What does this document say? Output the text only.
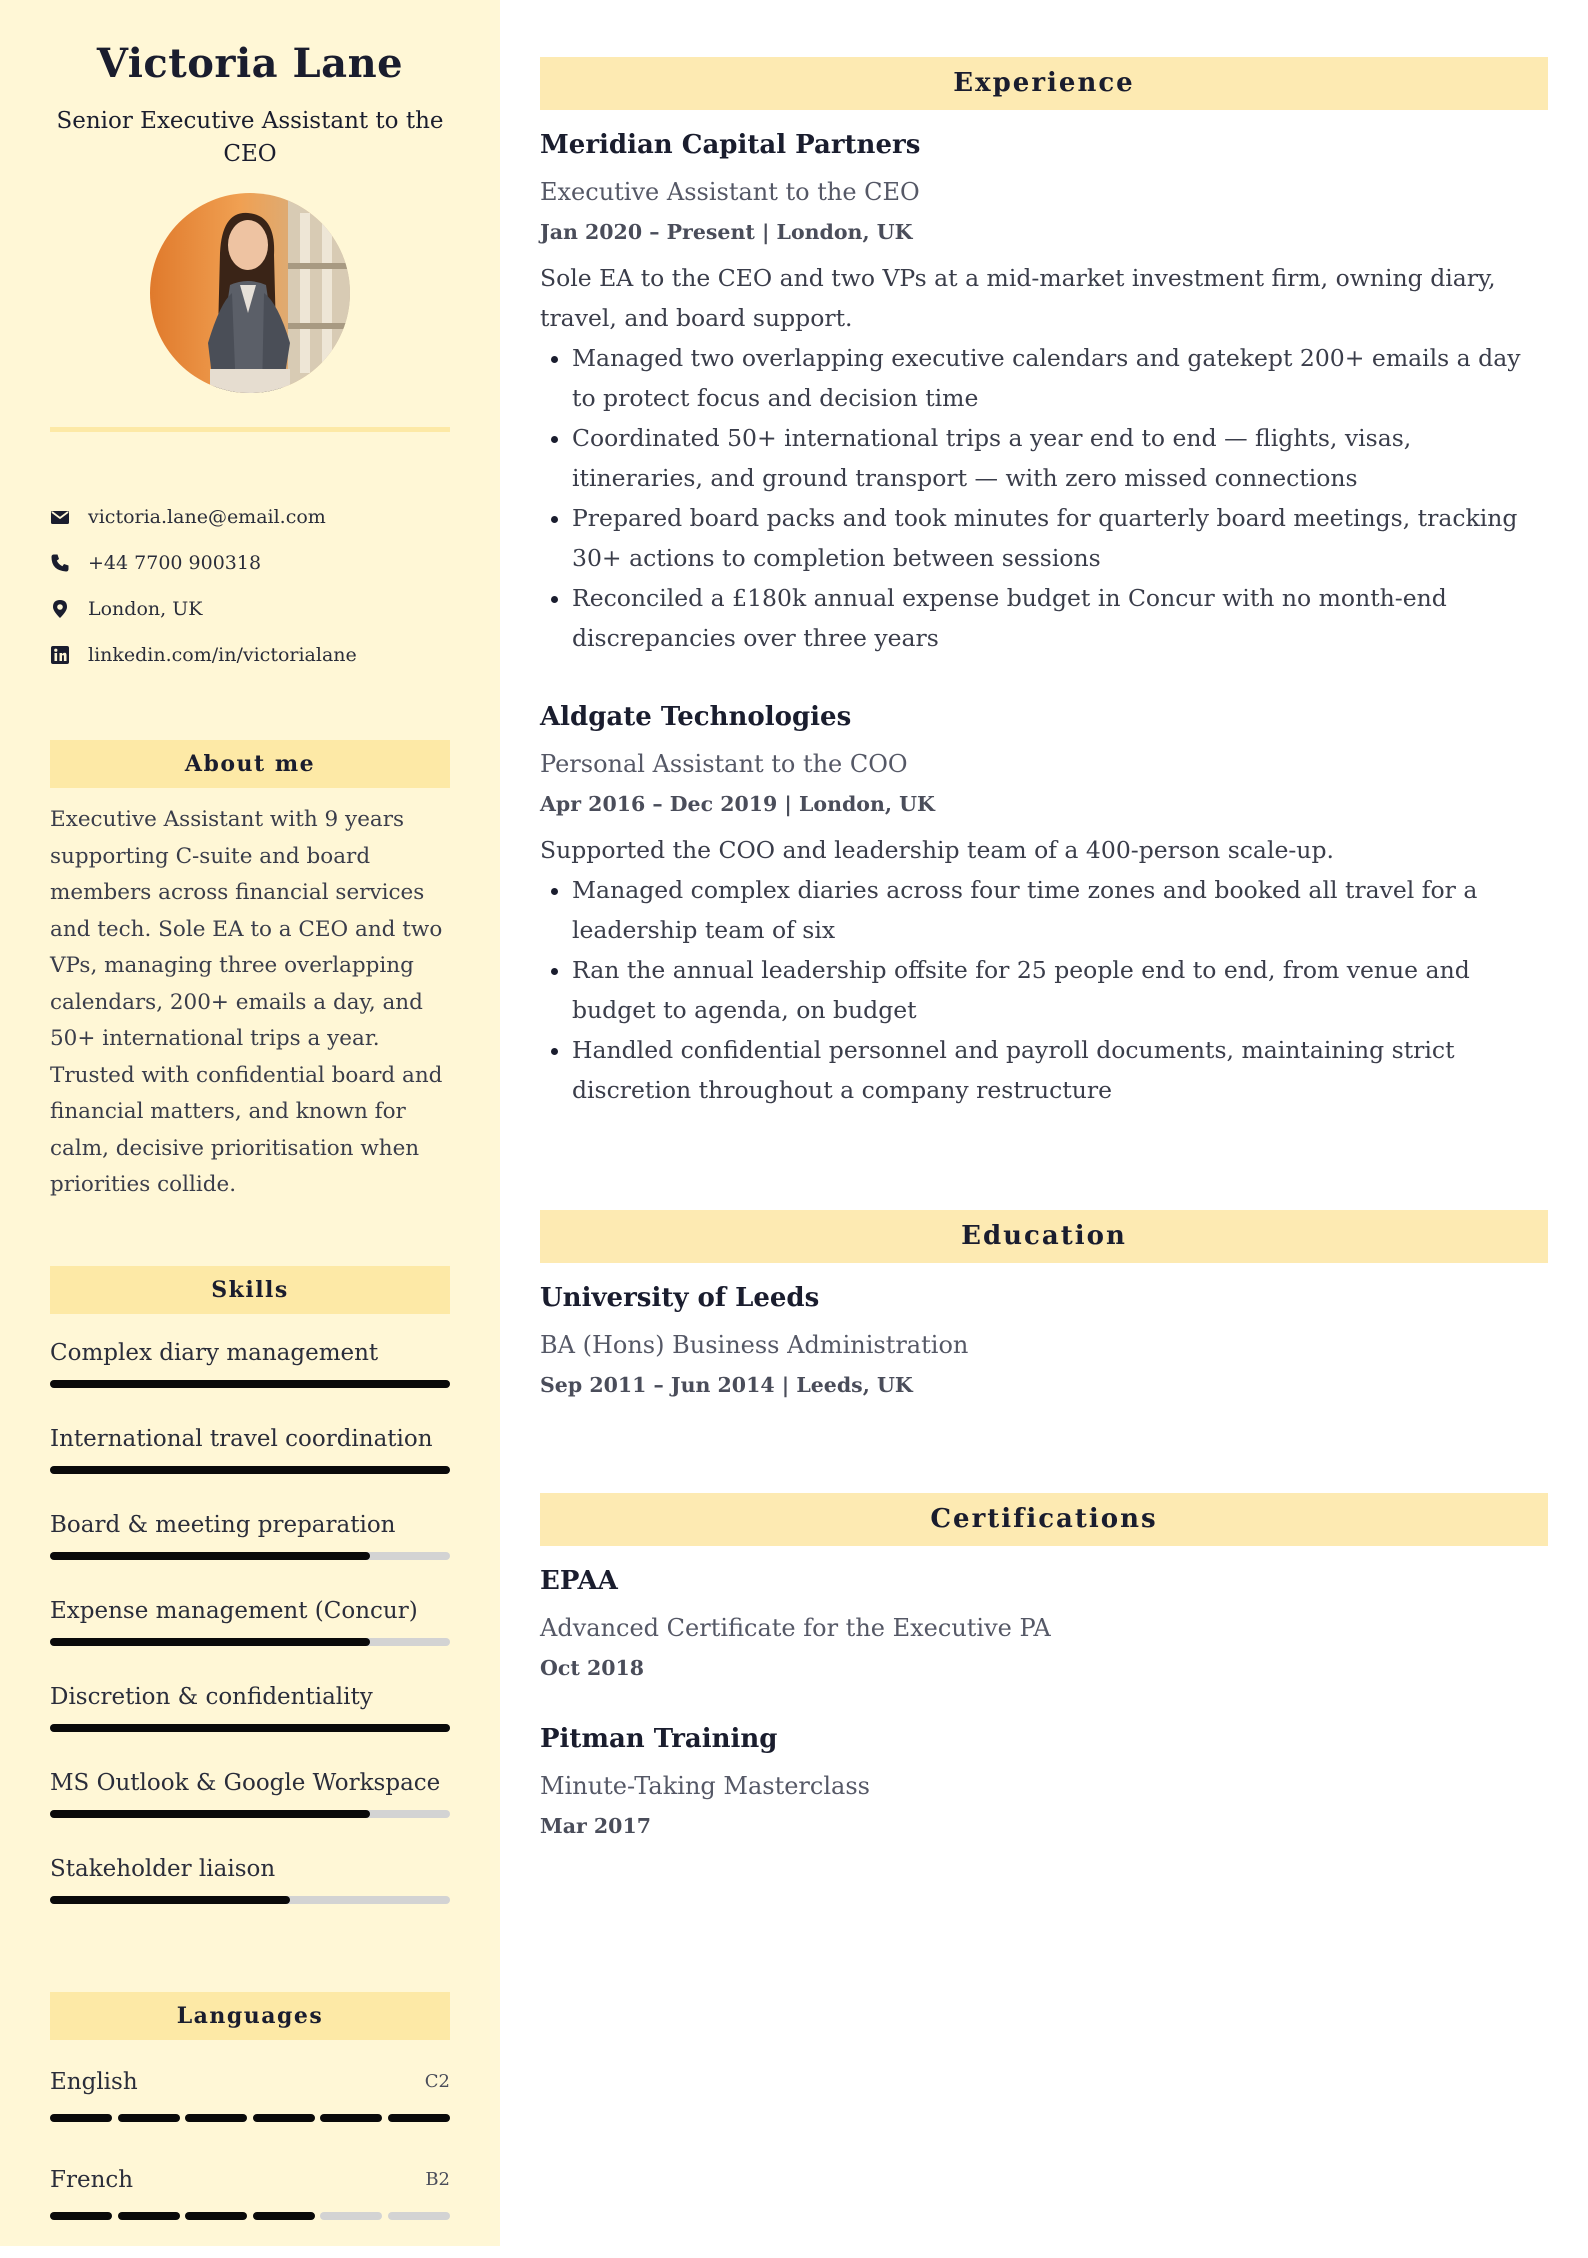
Victoria Lane
Senior Executive Assistant to the CEO
victoria.lane@email.com
+44 7700 900318
London, UK
linkedin.com/in/victorialane
About me
Executive Assistant with 9 years supporting C-suite and board members across financial services and tech. Sole EA to a CEO and two VPs, managing three overlapping calendars, 200+ emails a day, and 50+ international trips a year. Trusted with confidential board and financial matters, and known for calm, decisive prioritisation when priorities collide.
Skills
Complex diary management
International travel coordination
Board & meeting preparation
Expense management (Concur)
Discretion & confidentiality
MS Outlook & Google Workspace
Stakeholder liaison
Languages
English	C2
French	B2
Experience
Meridian Capital Partners
Executive Assistant to the CEO
Jan 2020 – Present | London, UK
Sole EA to the CEO and two VPs at a mid-market investment firm, owning diary, travel, and board support.
• Managed two overlapping executive calendars and gatekept 200+ emails a day to protect focus and decision time
• Coordinated 50+ international trips a year end to end — flights, visas, itineraries, and ground transport — with zero missed connections
• Prepared board packs and took minutes for quarterly board meetings, tracking 30+ actions to completion between sessions
• Reconciled a £180k annual expense budget in Concur with no month-end discrepancies over three years
Aldgate Technologies
Personal Assistant to the COO
Apr 2016 – Dec 2019 | London, UK
Supported the COO and leadership team of a 400-person scale-up.
• Managed complex diaries across four time zones and booked all travel for a leadership team of six
• Ran the annual leadership offsite for 25 people end to end, from venue and budget to agenda, on budget
• Handled confidential personnel and payroll documents, maintaining strict discretion throughout a company restructure
Education
University of Leeds
BA (Hons) Business Administration
Sep 2011 – Jun 2014 | Leeds, UK
Certifications
EPAA
Advanced Certificate for the Executive PA
Oct 2018
Pitman Training
Minute-Taking Masterclass
Mar 2017
